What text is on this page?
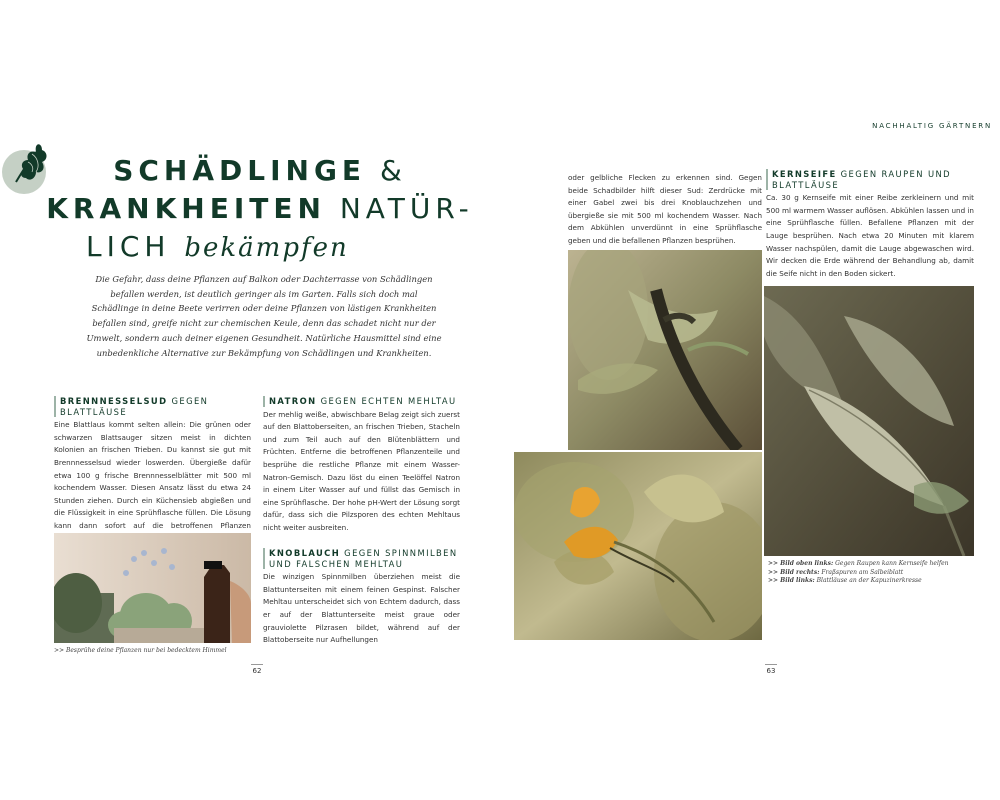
SCHÄDLINGE &
KRANKHEITEN NATÜR-
LICH bekämpfen

Die Gefahr, dass deine Pflanzen auf Balkon oder Dachterrasse von Schädlingen befallen werden, ist deutlich geringer als im Garten. Falls sich doch mal Schädlinge in deine Beete verirren oder deine Pflanzen von lästigen Krankheiten befallen sind, greife nicht zur chemischen Keule, denn das schadet nicht nur der Umwelt, sondern auch deiner eigenen Gesundheit. Natürliche Hausmittel sind eine unbedenkliche Alternative zur Bekämpfung von Schädlingen und Krankheiten.

BRENNNESSELSUD GEGEN BLATTLÄUSE

Eine Blattlaus kommt selten allein: Die grünen oder schwarzen Blattsauger sitzen meist in dichten Kolonien an frischen Trieben. Du kannst sie gut mit Brennnesselsud wieder loswerden. Übergieße dafür etwa 100 g frische Brennnesselblätter mit 500 ml kochendem Wasser. Diesen Ansatz lässt du etwa 24 Stunden ziehen. Durch ein Küchensieb abgießen und die Flüssigkeit in eine Sprühflasche füllen. Die Lösung kann dann sofort auf die betroffenen Pflanzen

>> Besprühe deine Pflanzen nur bei bedecktem Himmel
NATRON GEGEN ECHTEN MEHLTAU

Der mehlig weiße, abwischbare Belag zeigt sich zuerst auf den Blattoberseiten, an frischen Trieben, Stacheln und zum Teil auch auf den Blütenblättern und Früchten. Entferne die betroffenen Pflanzenteile und besprühe die restliche Pflanze mit einem Wasser-Natron-Gemisch. Dazu löst du einen Teelöffel Natron in einem Liter Wasser auf und füllst das Gemisch in eine Sprühflasche. Der hohe pH-Wert der Lösung sorgt dafür, dass sich die Pilzsporen des echten Mehltaus nicht weiter ausbreiten.

KNOBLAUCH GEGEN SPINNMILBEN UND FALSCHEN MEHLTAU

Die winzigen Spinnmilben überziehen meist die Blattunterseiten mit einem feinen Gespinst. Falscher Mehltau unterscheidet sich von Echtem dadurch, dass er auf der Blattunterseite meist graue oder grauviolette Pilzrasen bildet, während auf der Blattoberseite nur Aufhellungen

62
NACHHALTIG GÄRTNERN

oder gelbliche Flecken zu erkennen sind. Gegen beide Schadbilder hilft dieser Sud: Zerdrücke mit einer Gabel zwei bis drei Knoblauchzehen und übergieße sie mit 500 ml kochendem Wasser. Nach dem Abkühlen unverdünnt in eine Sprühflasche geben und die befallenen Pflanzen besprühen.

KERNSEIFE GEGEN RAUPEN UND BLATTLÄUSE

Ca. 30 g Kernseife mit einer Reibe zerkleinern und mit 500 ml warmem Wasser auflösen. Abkühlen lassen und in eine Sprühflasche füllen. Befallene Pflanzen mit der Lauge besprühen. Nach etwa 20 Minuten mit klarem Wasser nachspülen, damit die Lauge abgewaschen wird. Wir decken die Erde während der Behandlung ab, damit die Seife nicht in den Boden sickert.

>> Bild oben links: Gegen Raupen kann Kernseife helfen
>> Bild rechts: Fraßspuren am Salbeiblatt
>> Bild links: Blattläuse an der Kapuzinerkresse
63
